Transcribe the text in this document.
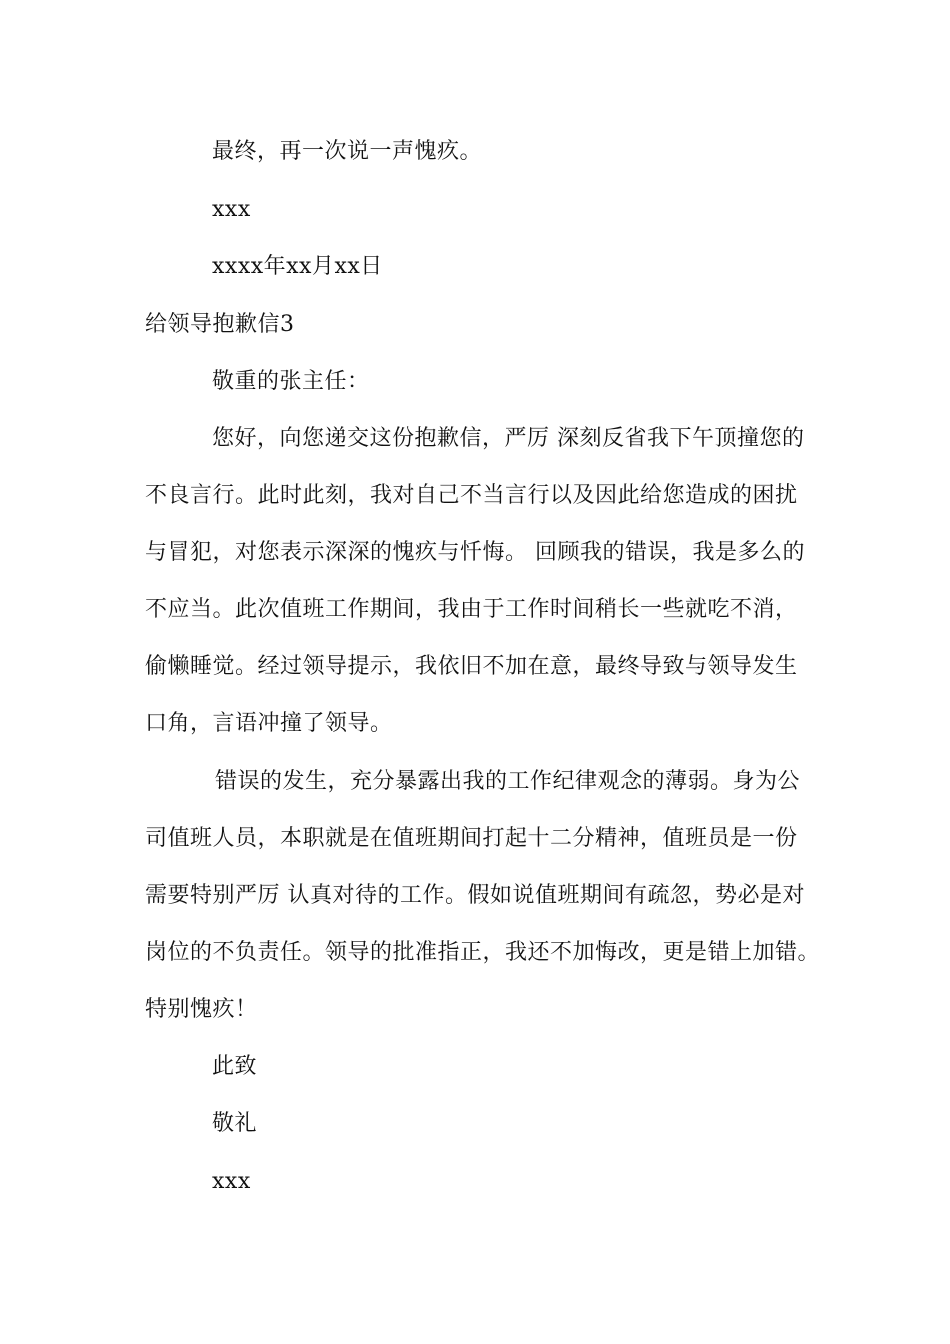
最终，再一次说一声愧疚。
xxx
xxxx年xx月xx日
给领导抱歉信3
敬重的张主任：
您好，向您递交这份抱歉信，严厉 深刻反省我下午顶撞您的
不良言行。此时此刻，我对自己不当言行以及因此给您造成的困扰
与冒犯，对您表示深深的愧疚与忏悔。 回顾我的错误，我是多么的
不应当。此次值班工作期间，我由于工作时间稍长一些就吃不消，
偷懒睡觉。经过领导提示，我依旧不加在意，最终导致与领导发生
口角，言语冲撞了领导。
错误的发生，充分暴露出我的工作纪律观念的薄弱。身为公
司值班人员，本职就是在值班期间打起十二分精神，值班员是一份
需要特别严厉 认真对待的工作。假如说值班期间有疏忽，势必是对
岗位的不负责任。领导的批准指正，我还不加悔改，更是错上加错。
特别愧疚！
此致
敬礼
xxx
